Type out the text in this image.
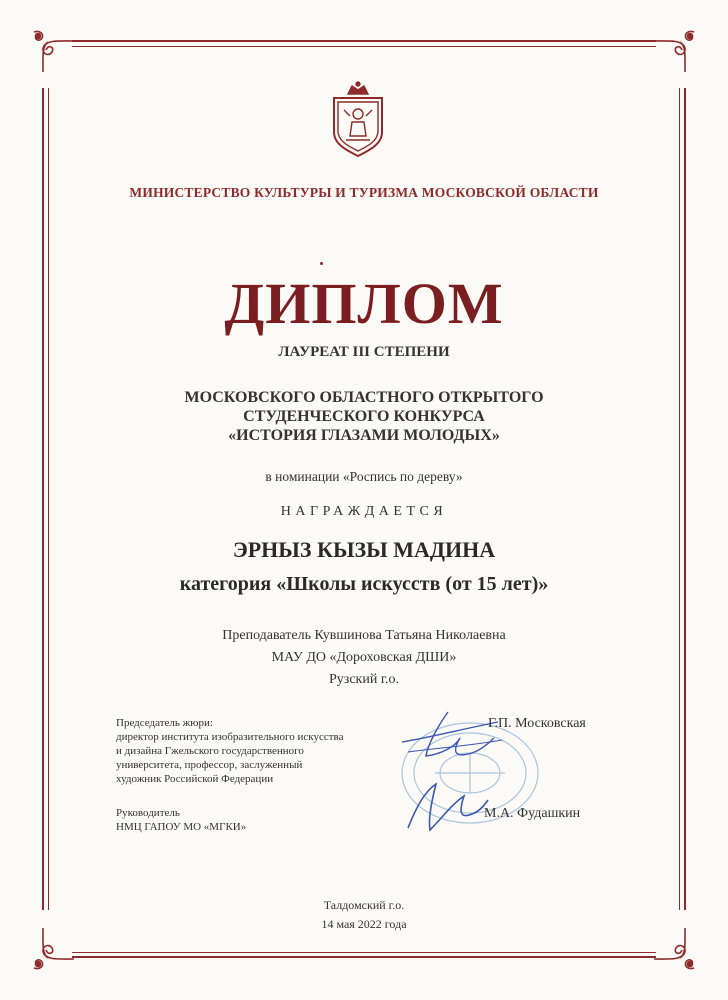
МИНИСТЕРСТВО КУЛЬТУРЫ И ТУРИЗМА МОСКОВСКОЙ ОБЛАСТИ
ДИПЛОМ
ЛАУРЕАТ III СТЕПЕНИ
МОСКОВСКОГО ОБЛАСТНОГО ОТКРЫТОГО
СТУДЕНЧЕСКОГО КОНКУРСА
«ИСТОРИЯ ГЛАЗАМИ МОЛОДЫХ»
в номинации «Роспись по дереву»
НАГРАЖДАЕТСЯ
ЭРНЫЗ КЫЗЫ МАДИНА
категория «Школы искусств (от 15 лет)»
Преподаватель Кувшинова Татьяна Николаевна
МАУ ДО «Дороховская ДШИ»
Рузский г.о.
Председатель жюри:
директор института изобразительного искусства
и дизайна Гжельского государственного
университета, профессор, заслуженный
художник Российской Федерации
Г.П. Московская
Руководитель
НМЦ ГАПОУ МО «МГКИ»
М.А. Фудашкин
Талдомский г.о.
14 мая 2022 года
